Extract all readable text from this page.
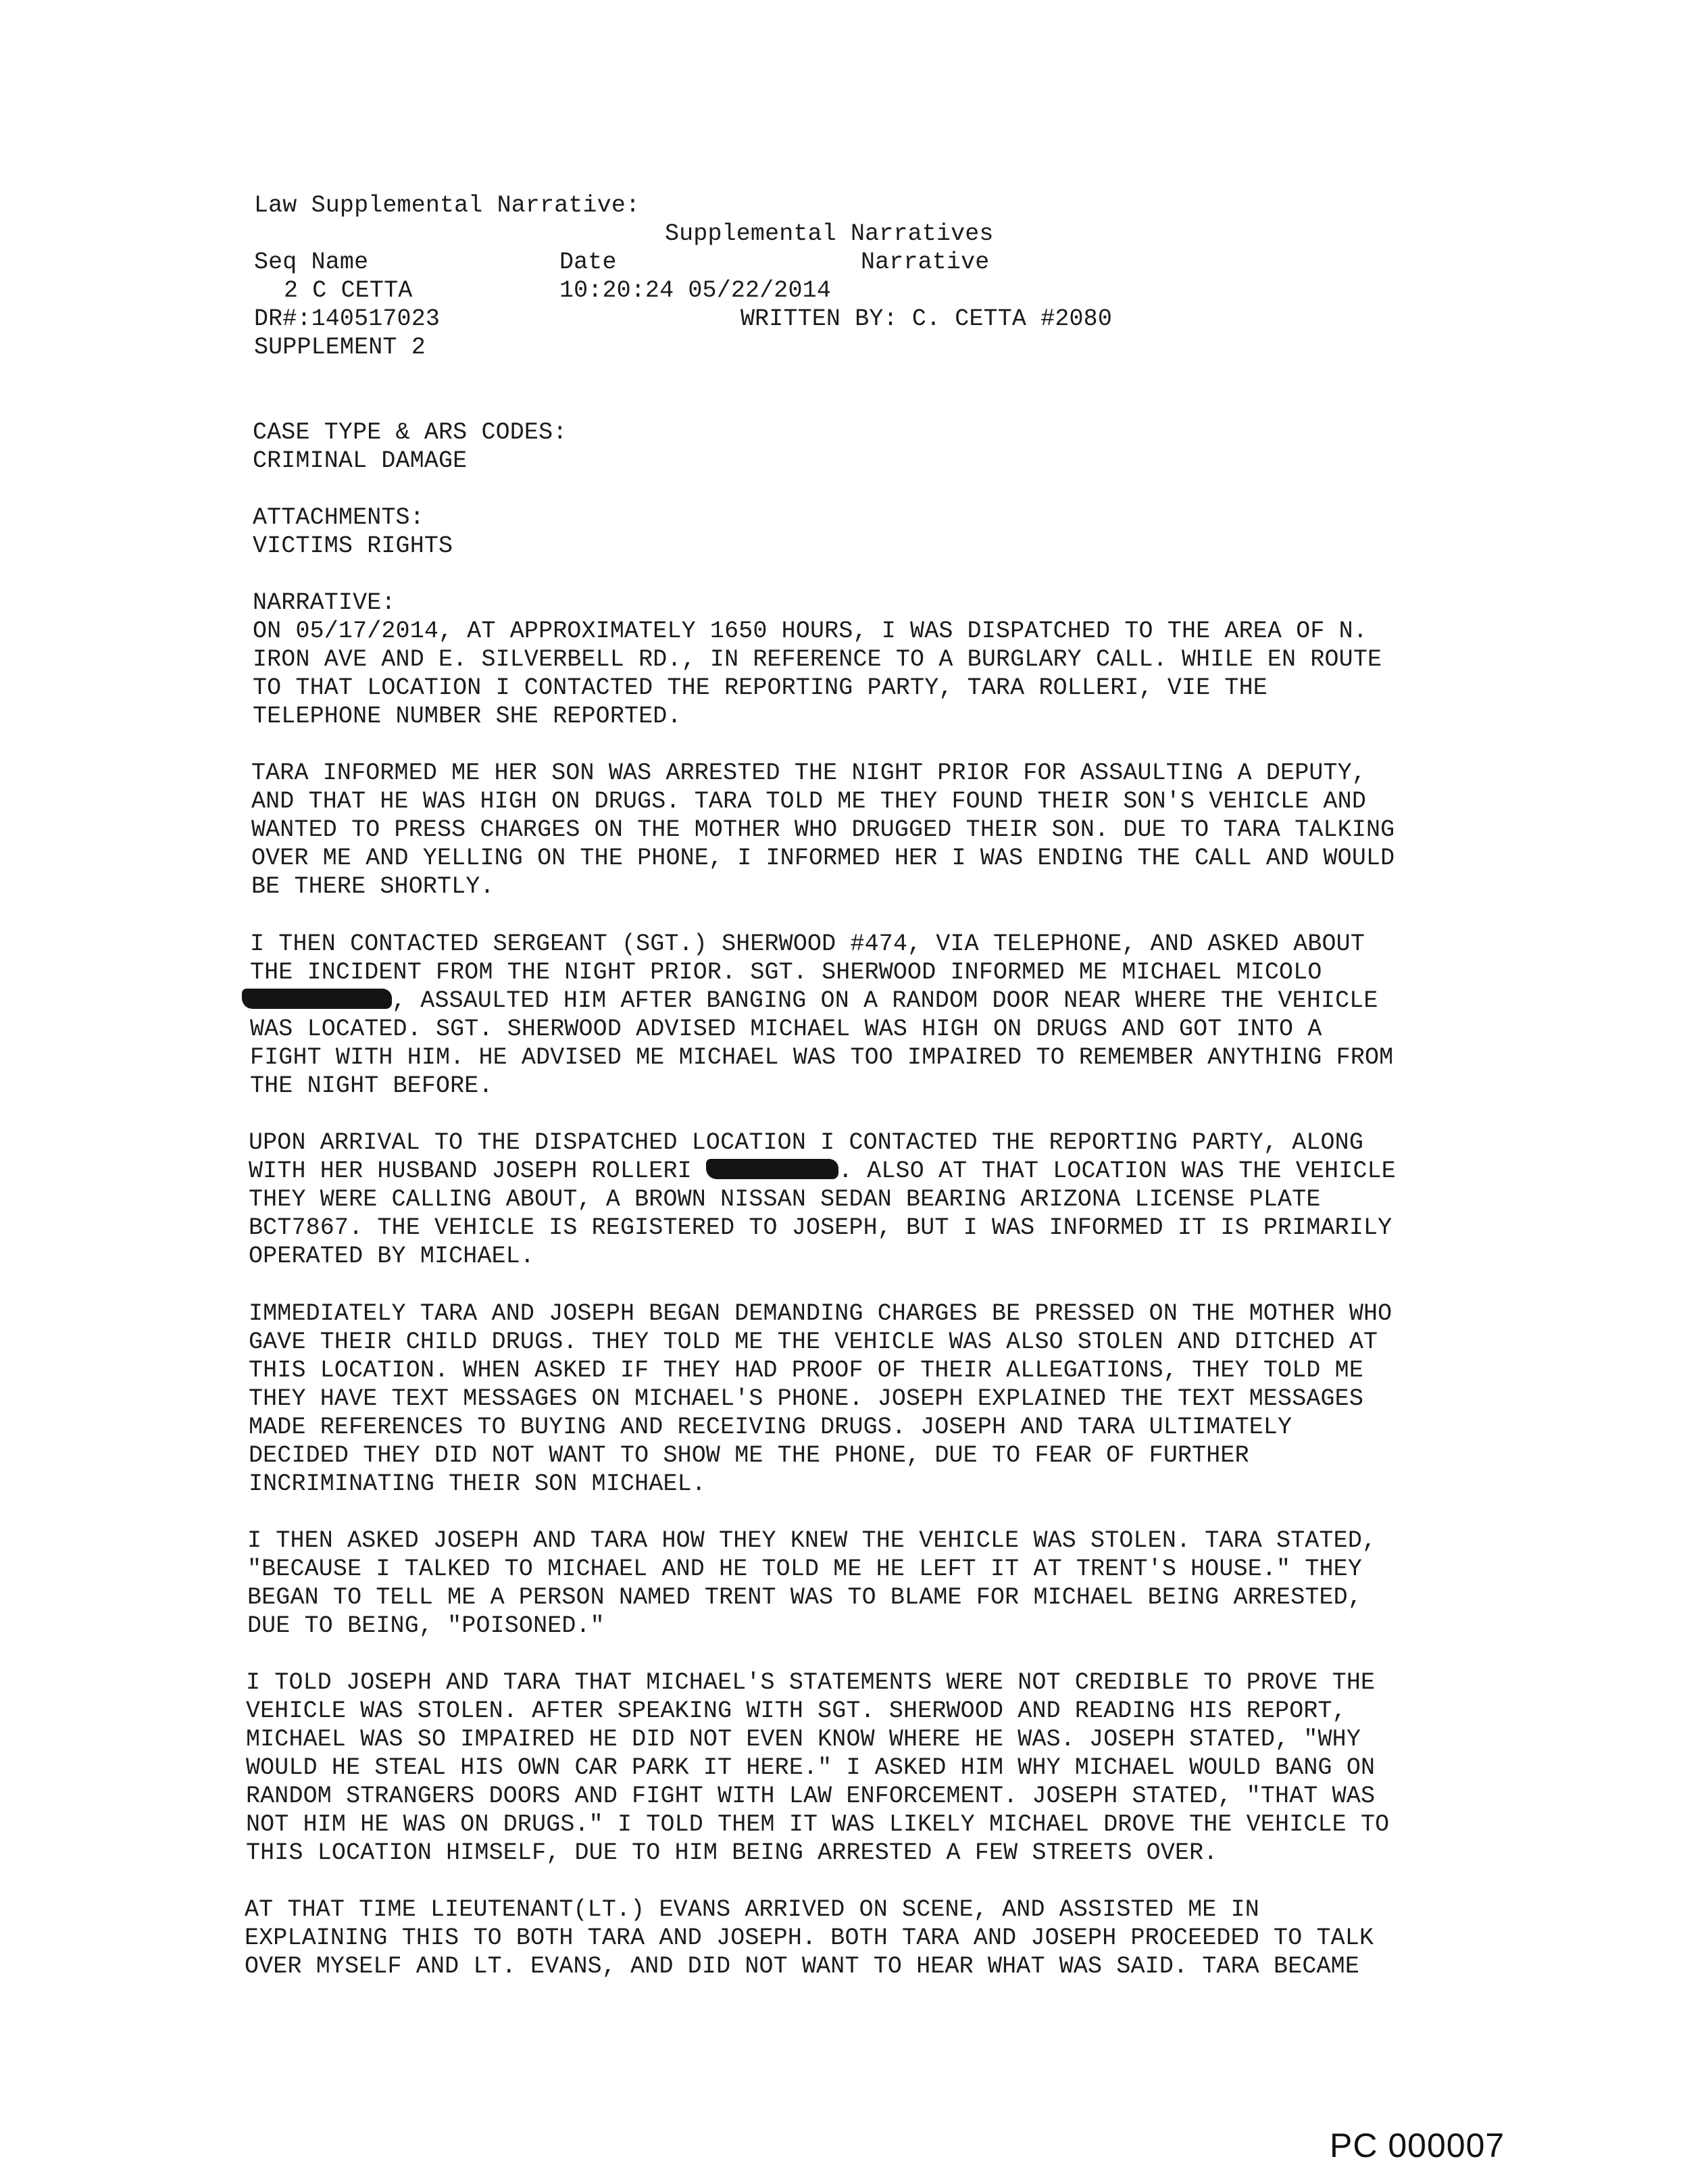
Law Supplemental Narrative:
Supplemental Narratives
Seq Name	Date	Narrative
2 C CETTA	10:20:24 05/22/2014
DR#:140517023	WRITTEN BY: C. CETTA #2080
SUPPLEMENT 2
CASE TYPE & ARS CODES:
CRIMINAL DAMAGE
ATTACHMENTS:
VICTIMS RIGHTS
NARRATIVE:
ON 05/17/2014, AT APPROXIMATELY 1650 HOURS, I WAS DISPATCHED TO THE AREA OF N.
IRON AVE AND E. SILVERBELL RD., IN REFERENCE TO A BURGLARY CALL. WHILE EN ROUTE
TO THAT LOCATION I CONTACTED THE REPORTING PARTY, TARA ROLLERI, VIE THE
TELEPHONE NUMBER SHE REPORTED.
TARA INFORMED ME HER SON WAS ARRESTED THE NIGHT PRIOR FOR ASSAULTING A DEPUTY,
AND THAT HE WAS HIGH ON DRUGS. TARA TOLD ME THEY FOUND THEIR SON'S VEHICLE AND
WANTED TO PRESS CHARGES ON THE MOTHER WHO DRUGGED THEIR SON. DUE TO TARA TALKING
OVER ME AND YELLING ON THE PHONE, I INFORMED HER I WAS ENDING THE CALL AND WOULD
BE THERE SHORTLY.
I THEN CONTACTED SERGEANT (SGT.) SHERWOOD #474, VIA TELEPHONE, AND ASKED ABOUT
THE INCIDENT FROM THE NIGHT PRIOR. SGT. SHERWOOD INFORMED ME MICHAEL MICOLO
, ASSAULTED HIM AFTER BANGING ON A RANDOM DOOR NEAR WHERE THE VEHICLE
WAS LOCATED. SGT. SHERWOOD ADVISED MICHAEL WAS HIGH ON DRUGS AND GOT INTO A
FIGHT WITH HIM. HE ADVISED ME MICHAEL WAS TOO IMPAIRED TO REMEMBER ANYTHING FROM
THE NIGHT BEFORE.
UPON ARRIVAL TO THE DISPATCHED LOCATION I CONTACTED THE REPORTING PARTY, ALONG
WITH HER HUSBAND JOSEPH ROLLERI	. ALSO AT THAT LOCATION WAS THE VEHICLE
THEY WERE CALLING ABOUT, A BROWN NISSAN SEDAN BEARING ARIZONA LICENSE PLATE
BCT7867. THE VEHICLE IS REGISTERED TO JOSEPH, BUT I WAS INFORMED IT IS PRIMARILY
OPERATED BY MICHAEL.
IMMEDIATELY TARA AND JOSEPH BEGAN DEMANDING CHARGES BE PRESSED ON THE MOTHER WHO
GAVE THEIR CHILD DRUGS. THEY TOLD ME THE VEHICLE WAS ALSO STOLEN AND DITCHED AT
THIS LOCATION. WHEN ASKED IF THEY HAD PROOF OF THEIR ALLEGATIONS, THEY TOLD ME
THEY HAVE TEXT MESSAGES ON MICHAEL'S PHONE. JOSEPH EXPLAINED THE TEXT MESSAGES
MADE REFERENCES TO BUYING AND RECEIVING DRUGS. JOSEPH AND TARA ULTIMATELY
DECIDED THEY DID NOT WANT TO SHOW ME THE PHONE, DUE TO FEAR OF FURTHER
INCRIMINATING THEIR SON MICHAEL.
I THEN ASKED JOSEPH AND TARA HOW THEY KNEW THE VEHICLE WAS STOLEN. TARA STATED,
"BECAUSE I TALKED TO MICHAEL AND HE TOLD ME HE LEFT IT AT TRENT'S HOUSE." THEY
BEGAN TO TELL ME A PERSON NAMED TRENT WAS TO BLAME FOR MICHAEL BEING ARRESTED,
DUE TO BEING, "POISONED."
I TOLD JOSEPH AND TARA THAT MICHAEL'S STATEMENTS WERE NOT CREDIBLE TO PROVE THE
VEHICLE WAS STOLEN. AFTER SPEAKING WITH SGT. SHERWOOD AND READING HIS REPORT,
MICHAEL WAS SO IMPAIRED HE DID NOT EVEN KNOW WHERE HE WAS. JOSEPH STATED, "WHY
WOULD HE STEAL HIS OWN CAR PARK IT HERE." I ASKED HIM WHY MICHAEL WOULD BANG ON
RANDOM STRANGERS DOORS AND FIGHT WITH LAW ENFORCEMENT. JOSEPH STATED, "THAT WAS
NOT HIM HE WAS ON DRUGS." I TOLD THEM IT WAS LIKELY MICHAEL DROVE THE VEHICLE TO
THIS LOCATION HIMSELF, DUE TO HIM BEING ARRESTED A FEW STREETS OVER.
AT THAT TIME LIEUTENANT(LT.) EVANS ARRIVED ON SCENE, AND ASSISTED ME IN
EXPLAINING THIS TO BOTH TARA AND JOSEPH. BOTH TARA AND JOSEPH PROCEEDED TO TALK
OVER MYSELF AND LT. EVANS, AND DID NOT WANT TO HEAR WHAT WAS SAID. TARA BECAME
PC 000007
